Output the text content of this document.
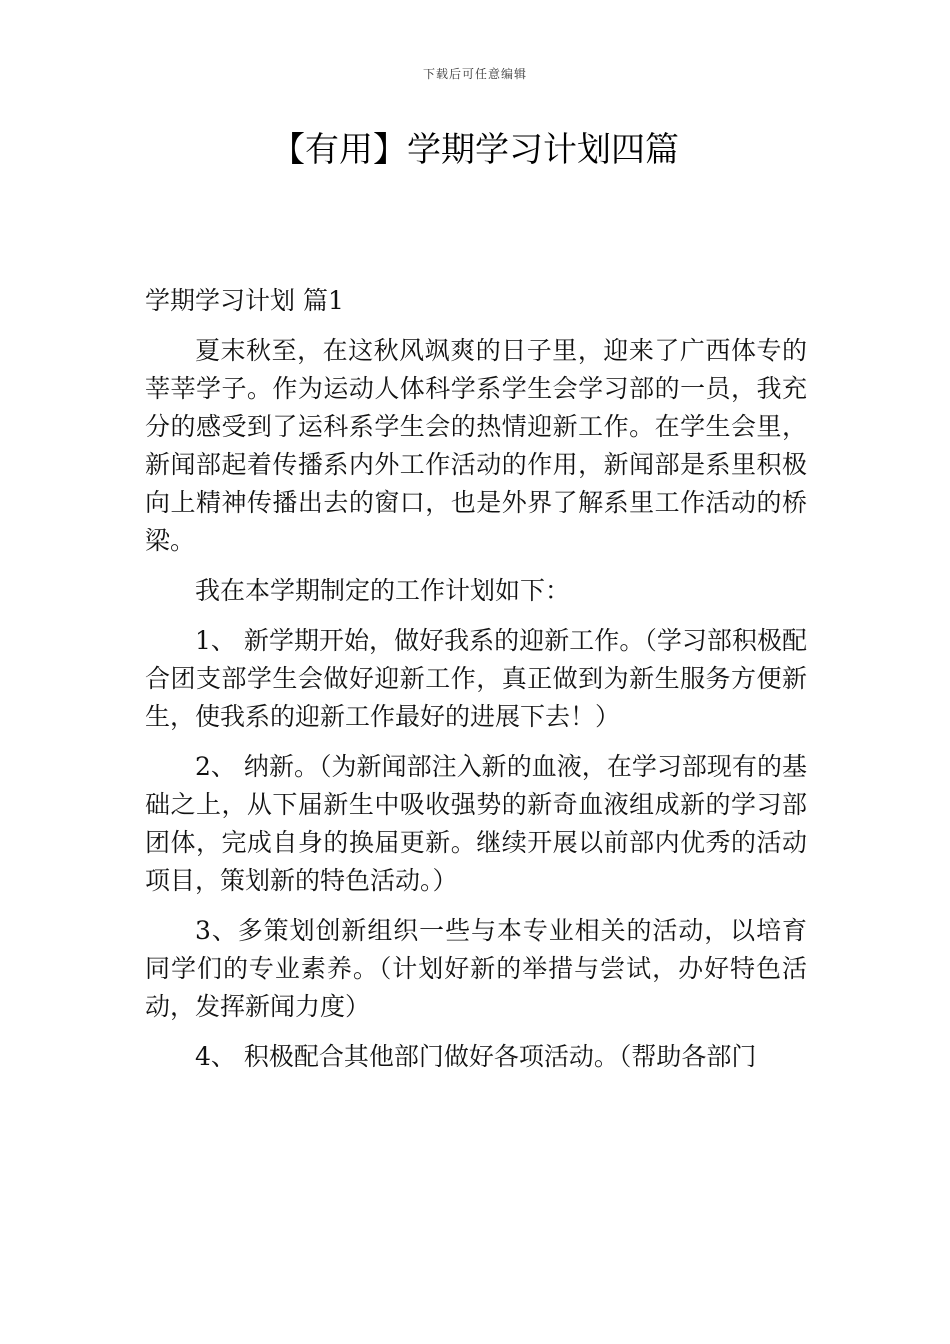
下载后可任意编辑
【有用】学期学习计划四篇

学期学习计划 篇1

夏末秋至，在这秋风飒爽的日子里，迎来了广西体专的莘莘学子。作为运动人体科学系学生会学习部的一员，我充分的感受到了运科系学生会的热情迎新工作。在学生会里，新闻部起着传播系内外工作活动的作用，新闻部是系里积极向上精神传播出去的窗口，也是外界了解系里工作活动的桥梁。

我在本学期制定的工作计划如下：

1、 新学期开始，做好我系的迎新工作。（学习部积极配合团支部学生会做好迎新工作，真正做到为新生服务方便新生，使我系的迎新工作最好的进展下去！）

2、 纳新。（为新闻部注入新的血液，在学习部现有的基础之上，从下届新生中吸收强势的新奇血液组成新的学习部团体，完成自身的换届更新。继续开展以前部内优秀的活动项目，策划新的特色活动。）

3、多策划创新组织一些与本专业相关的活动，以培育同学们的专业素养。（计划好新的举措与尝试，办好特色活动，发挥新闻力度）

4、 积极配合其他部门做好各项活动。（帮助各部门
